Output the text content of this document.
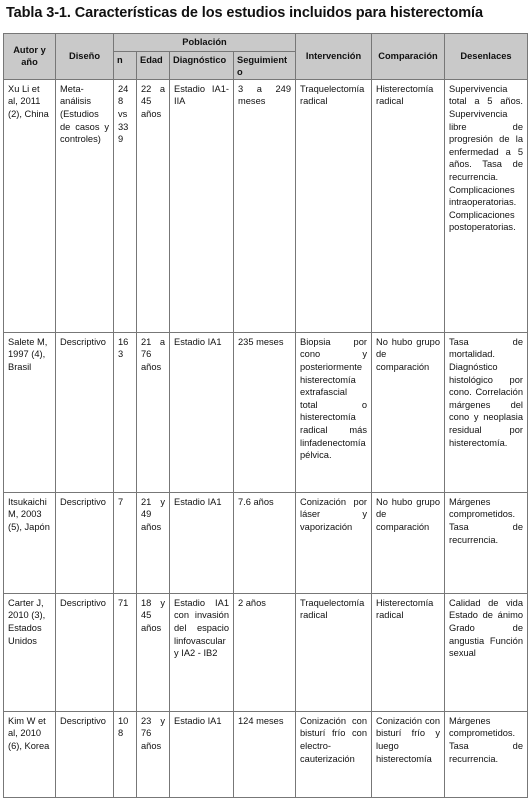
Tabla 3-1. Características de los estudios incluidos para histerectomía
Autor y año	Diseño	Población				Intervención	Comparación	Desenlaces
		n	Edad	Diagnóstico	Seguimiento			
Xu Li et al, 2011 (2), China	Meta-análisis (Estudios de casos y controles)	248 vs 339	22 a 45 años	Estadio IA1- IIA	3 a 249 meses	Traquelectomía radical	Histerectomía radical	Supervivencia total a 5 años. Supervivencia libre de progresión de la enfermedad a 5 años. Tasa de recurrencia. Complicaciones intraoperatorias. Complicaciones postoperatorias.
Salete M, 1997 (4), Brasil	Descriptivo	163	21 a 76 años	Estadio IA1	235 meses	Biopsia por cono y posteriormente histerectomía extrafascial total o histerectomía radical más linfadenectomía pélvica.	No hubo grupo de comparación	Tasa de mortalidad. Diagnóstico histológico por cono. Correlación márgenes del cono y neoplasia residual por histerectomía.
Itsukaichi M, 2003 (5), Japón	Descriptivo	7	21 y 49 años	Estadio IA1	7.6 años	Conización por láser y vaporización	No hubo grupo de comparación	Márgenes comprometidos. Tasa de recurrencia.
Carter J, 2010 (3), Estados Unidos	Descriptivo	71	18 y 45 años	Estadio IA1 con invasión del espacio linfovascular y IA2 - IB2	2 años	Traquelectomía radical	Histerectomía radical	Calidad de vida Estado de ánimo Grado de angustia Función sexual
Kim W et al, 2010 (6), Korea	Descriptivo	108	23 y 76 años	Estadio IA1	124 meses	Conización con bisturí frío con electro-cauterización	Conización con bisturí frío y luego histerectomía	Márgenes comprometidos. Tasa de recurrencia.
